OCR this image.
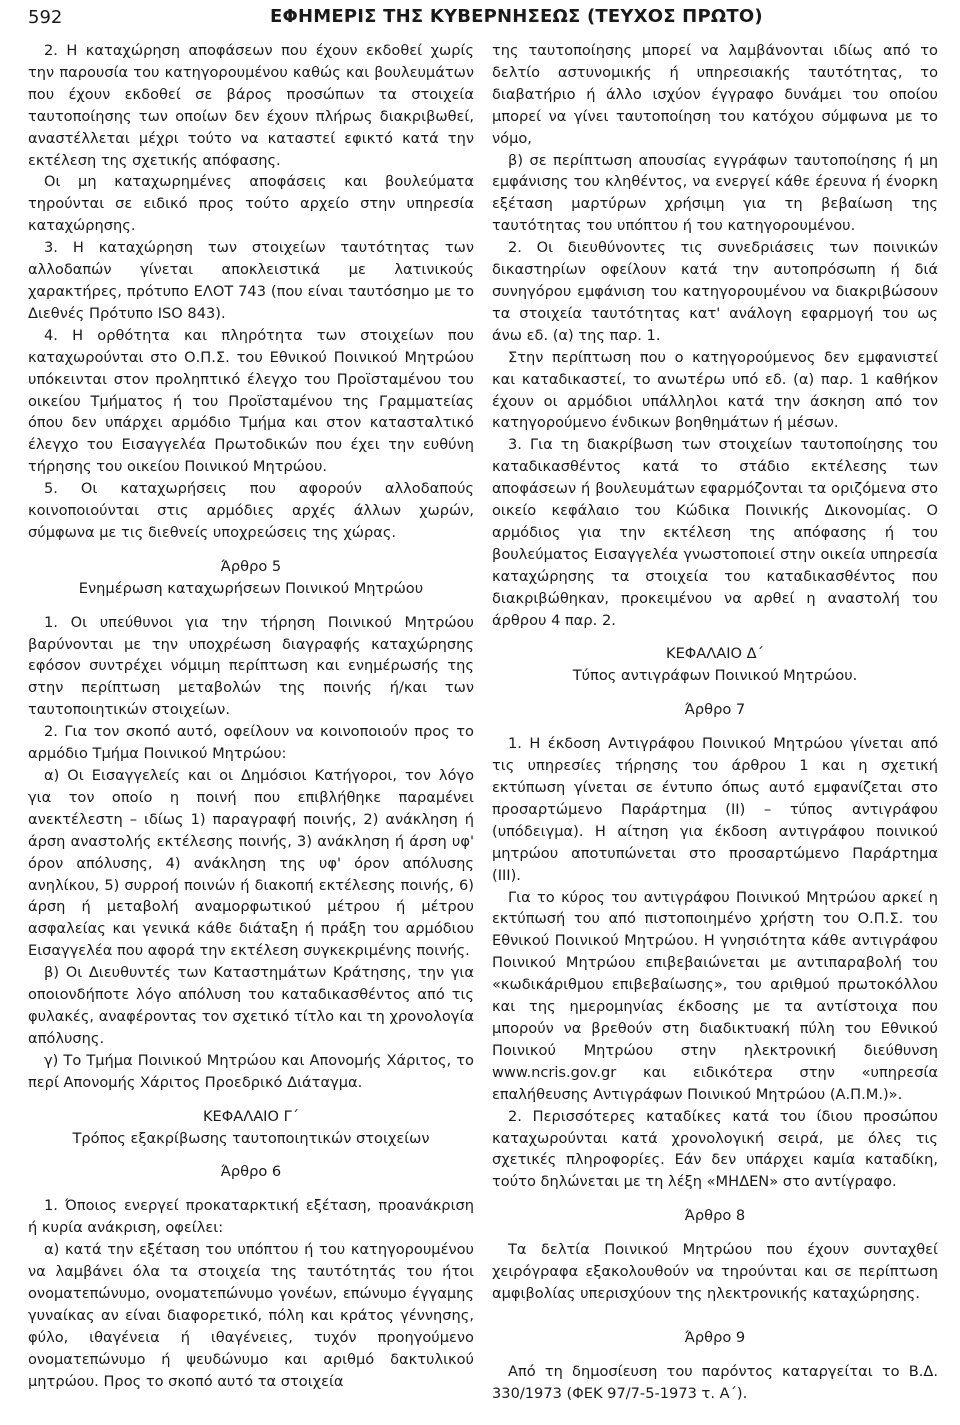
592	ΕΦΗΜΕΡΙΣ ΤΗΣ ΚΥΒΕΡΝΗΣΕΩΣ (ΤΕΥΧΟΣ ΠΡΩΤΟ)

2. Η καταχώρηση αποφάσεων που έχουν εκδοθεί χωρίς την παρουσία του κατηγορουμένου καθώς και βουλευμάτων που έχουν εκδοθεί σε βάρος προσώπων τα στοιχεία ταυτοποίησης των οποίων δεν έχουν πλήρως διακριβωθεί, αναστέλλεται μέχρι τούτο να καταστεί εφικτό κατά την εκτέλεση της σχετικής απόφασης.

Οι μη καταχωρημένες αποφάσεις και βουλεύματα τηρούνται σε ειδικό προς τούτο αρχείο στην υπηρεσία καταχώρησης.

3. Η καταχώρηση των στοιχείων ταυτότητας των αλλοδαπών γίνεται αποκλειστικά με λατινικούς χαρακτήρες, πρότυπο ΕΛΟΤ 743 (που είναι ταυτόσημο με το Διεθνές Πρότυπο ISO 843).

4. Η ορθότητα και πληρότητα των στοιχείων που καταχωρούνται στο Ο.Π.Σ. του Εθνικού Ποινικού Μητρώου υπόκεινται στον προληπτικό έλεγχο του Προϊσταμένου του οικείου Τμήματος ή του Προϊσταμένου της Γραμματείας όπου δεν υπάρχει αρμόδιο Τμήμα και στον κατασταλτικό έλεγχο του Εισαγγελέα Πρωτοδικών που έχει την ευθύνη τήρησης του οικείου Ποινικού Μητρώου.

5. Οι καταχωρήσεις που αφορούν αλλοδαπούς κοινοποιούνται στις αρμόδιες αρχές άλλων χωρών, σύμφωνα με τις διεθνείς υποχρεώσεις της χώρας.

Άρθρο 5

Ενημέρωση καταχωρήσεων Ποινικού Μητρώου

1. Οι υπεύθυνοι για την τήρηση Ποινικού Μητρώου βαρύνονται με την υποχρέωση διαγραφής καταχώρησης εφόσον συντρέχει νόμιμη περίπτωση και ενημέρωσής της στην περίπτωση μεταβολών της ποινής ή/και των ταυτοποιητικών στοιχείων.

2. Για τον σκοπό αυτό, οφείλουν να κοινοποιούν προς το αρμόδιο Τμήμα Ποινικού Μητρώου:

α) Οι Εισαγγελείς και οι Δημόσιοι Κατήγοροι, τον λόγο για τον οποίο η ποινή που επιβλήθηκε παραμένει ανεκτέλεστη – ιδίως 1) παραγραφή ποινής, 2) ανάκληση ή άρση αναστολής εκτέλεσης ποινής, 3) ανάκληση ή άρση υφ' όρον απόλυσης, 4) ανάκληση της υφ' όρον απόλυσης ανηλίκου, 5) συρροή ποινών ή διακοπή εκτέλεσης ποινής, 6) άρση ή μεταβολή αναμορφωτικού μέτρου ή μέτρου ασφαλείας και γενικά κάθε διάταξη ή πράξη του αρμόδιου Εισαγγελέα που αφορά την εκτέλεση συγκεκριμένης ποινής.

β) Οι Διευθυντές των Καταστημάτων Κράτησης, την για οποιονδήποτε λόγο απόλυση του καταδικασθέντος από τις φυλακές, αναφέροντας τον σχετικό τίτλο και τη χρονολογία απόλυσης.

γ) Το Τμήμα Ποινικού Μητρώου και Απονομής Χάριτος, το περί Απονομής Χάριτος Προεδρικό Διάταγμα.

ΚΕΦΑΛΑΙΟ Γ΄

Τρόπος εξακρίβωσης ταυτοποιητικών στοιχείων

Άρθρο 6

1. Όποιος ενεργεί προκαταρκτική εξέταση, προανάκριση ή κυρία ανάκριση, οφείλει:

α) κατά την εξέταση του υπόπτου ή του κατηγορουμένου να λαμβάνει όλα τα στοιχεία της ταυτότητάς του ήτοι ονοματεπώνυμο, ονοματεπώνυμο γονέων, επώνυμο έγγαμης γυναίκας αν είναι διαφορετικό, πόλη και κράτος γέννησης, φύλο, ιθαγένεια ή ιθαγένειες, τυχόν προηγούμενο ονοματεπώνυμο ή ψευδώνυμο και αριθμό δακτυλικού μητρώου. Προς το σκοπό αυτό τα στοιχεία

της ταυτοποίησης μπορεί να λαμβάνονται ιδίως από το δελτίο αστυνομικής ή υπηρεσιακής ταυτότητας, το διαβατήριο ή άλλο ισχύον έγγραφο δυνάμει του οποίου μπορεί να γίνει ταυτοποίηση του κατόχου σύμφωνα με το νόμο,

β) σε περίπτωση απουσίας εγγράφων ταυτοποίησης ή μη εμφάνισης του κληθέντος, να ενεργεί κάθε έρευνα ή ένορκη εξέταση μαρτύρων χρήσιμη για τη βεβαίωση της ταυτότητας του υπόπτου ή του κατηγορουμένου.

2. Οι διευθύνοντες τις συνεδριάσεις των ποινικών δικαστηρίων οφείλουν κατά την αυτοπρόσωπη ή διά συνηγόρου εμφάνιση του κατηγορουμένου να διακριβώσουν τα στοιχεία ταυτότητας κατ' ανάλογη εφαρμογή του ως άνω εδ. (α) της παρ. 1.

Στην περίπτωση που ο κατηγορούμενος δεν εμφανιστεί και καταδικαστεί, το ανωτέρω υπό εδ. (α) παρ. 1 καθήκον έχουν οι αρμόδιοι υπάλληλοι κατά την άσκηση από τον κατηγορούμενο ένδικων βοηθημάτων ή μέσων.

3. Για τη διακρίβωση των στοιχείων ταυτοποίησης του καταδικασθέντος κατά το στάδιο εκτέλεσης των αποφάσεων ή βουλευμάτων εφαρμόζονται τα οριζόμενα στο οικείο κεφάλαιο του Κώδικα Ποινικής Δικονομίας. Ο αρμόδιος για την εκτέλεση της απόφασης ή του βουλεύματος Εισαγγελέα γνωστοποιεί στην οικεία υπηρεσία καταχώρησης τα στοιχεία του καταδικασθέντος που διακριβώθηκαν, προκειμένου να αρθεί η αναστολή του άρθρου 4 παρ. 2.

ΚΕΦΑΛΑΙΟ Δ΄

Τύπος αντιγράφων Ποινικού Μητρώου.

Άρθρο 7

1. Η έκδοση Αντιγράφου Ποινικού Μητρώου γίνεται από τις υπηρεσίες τήρησης του άρθρου 1 και η σχετική εκτύπωση γίνεται σε έντυπο όπως αυτό εμφανίζεται στο προσαρτώμενο Παράρτημα (ΙΙ) – τύπος αντιγράφου (υπόδειγμα). Η αίτηση για έκδοση αντιγράφου ποινικού μητρώου αποτυπώνεται στο προσαρτώμενο Παράρτημα (ΙΙΙ).

Για το κύρος του αντιγράφου Ποινικού Μητρώου αρκεί η εκτύπωσή του από πιστοποιημένο χρήστη του Ο.Π.Σ. του Εθνικού Ποινικού Μητρώου. Η γνησιότητα κάθε αντιγράφου Ποινικού Μητρώου επιβεβαιώνεται με αντιπαραβολή του «κωδικάριθμου επιβεβαίωσης», του αριθμού πρωτοκόλλου και της ημερομηνίας έκδοσης με τα αντίστοιχα που μπορούν να βρεθούν στη διαδικτυακή πύλη του Εθνικού Ποινικού Μητρώου στην ηλεκτρονική διεύθυνση www.ncris.gov.gr και ειδικότερα στην «υπηρεσία επαλήθευσης Αντιγράφων Ποινικού Μητρώου (Α.Π.Μ.)».

2. Περισσότερες καταδίκες κατά του ίδιου προσώπου καταχωρούνται κατά χρονολογική σειρά, με όλες τις σχετικές πληροφορίες. Εάν δεν υπάρχει καμία καταδίκη, τούτο δηλώνεται με τη λέξη «ΜΗΔΕΝ» στο αντίγραφο.

Άρθρο 8

Τα δελτία Ποινικού Μητρώου που έχουν συνταχθεί χειρόγραφα εξακολουθούν να τηρούνται και σε περίπτωση αμφιβολίας υπερισχύουν της ηλεκτρονικής καταχώρησης.

Άρθρο 9

Από τη δημοσίευση του παρόντος καταργείται το Β.Δ. 330/1973 (ΦΕΚ 97/7-5-1973 τ. Α΄).
